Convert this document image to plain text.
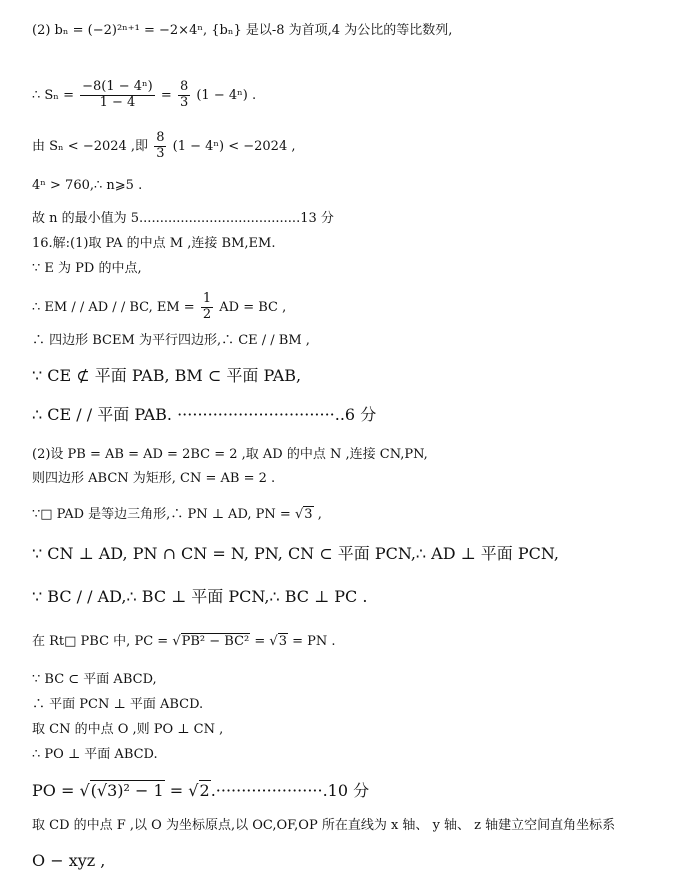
(2) bₙ = (−2)²ⁿ⁺¹ = −2×4ⁿ, {bₙ} 是以-8 为首项,4 为公比的等比数列,
∴ $S_n = \frac{\text{−8(1 − 4ⁿ)}}{1 - 4} = \frac{8}{3} (1 - 4^n)$ .
由 Sₙ < −2024 ,即 $\frac{8}{3} (1 - 4^n) < -2024$ ,
4ⁿ > 760,∴ n⩾5 .
故 n 的最小值为 5.......................................13 分
16.解:(1)取 PA 的中点 M ,连接 BM,EM.
∵ E 为 PD 的中点,
∴ EM / / AD / / BC, EM = $\frac{1}{2}$ AD = BC ,
∴ 四边形 BCEM 为平行四边形,∴ CE / / BM ,
∵ CE ⊄ 平面 PAB, BM ⊂ 平面 PAB,
∴ CE / / 平面 PAB. ·······························..6 分
(2)设 PB = AB = AD = 2BC = 2 ,取 AD 的中点 N ,连接 CN,PN,
则四边形 ABCN 为矩形, CN = AB = 2 .
∵□ PAD 是等边三角形,∴ PN ⊥ AD, PN = √3 ,
∵ CN ⊥ AD, PN ∩ CN = N, PN, CN ⊂ 平面 PCN,∴ AD ⊥ 平面 PCN,
∵ BC / / AD,∴ BC ⊥ 平面 PCN,∴ BC ⊥ PC .
在 Rt□ PBC 中, PC = √PB² − BC² = √3 = PN .
∵ BC ⊂ 平面 ABCD,
∴ 平面 PCN ⊥ 平面 ABCD.
取 CN 的中点 O ,则 PO ⊥ CN ,
∴ PO ⊥ 平面 ABCD.
PO = √(√3)² − 1 = √2.·····················.10 分
取 CD 的中点 F ,以 O 为坐标原点,以 OC,OF,OP 所在直线为 x 轴、 y 轴、 z 轴建立空间直角坐标系
O − xyz ,
